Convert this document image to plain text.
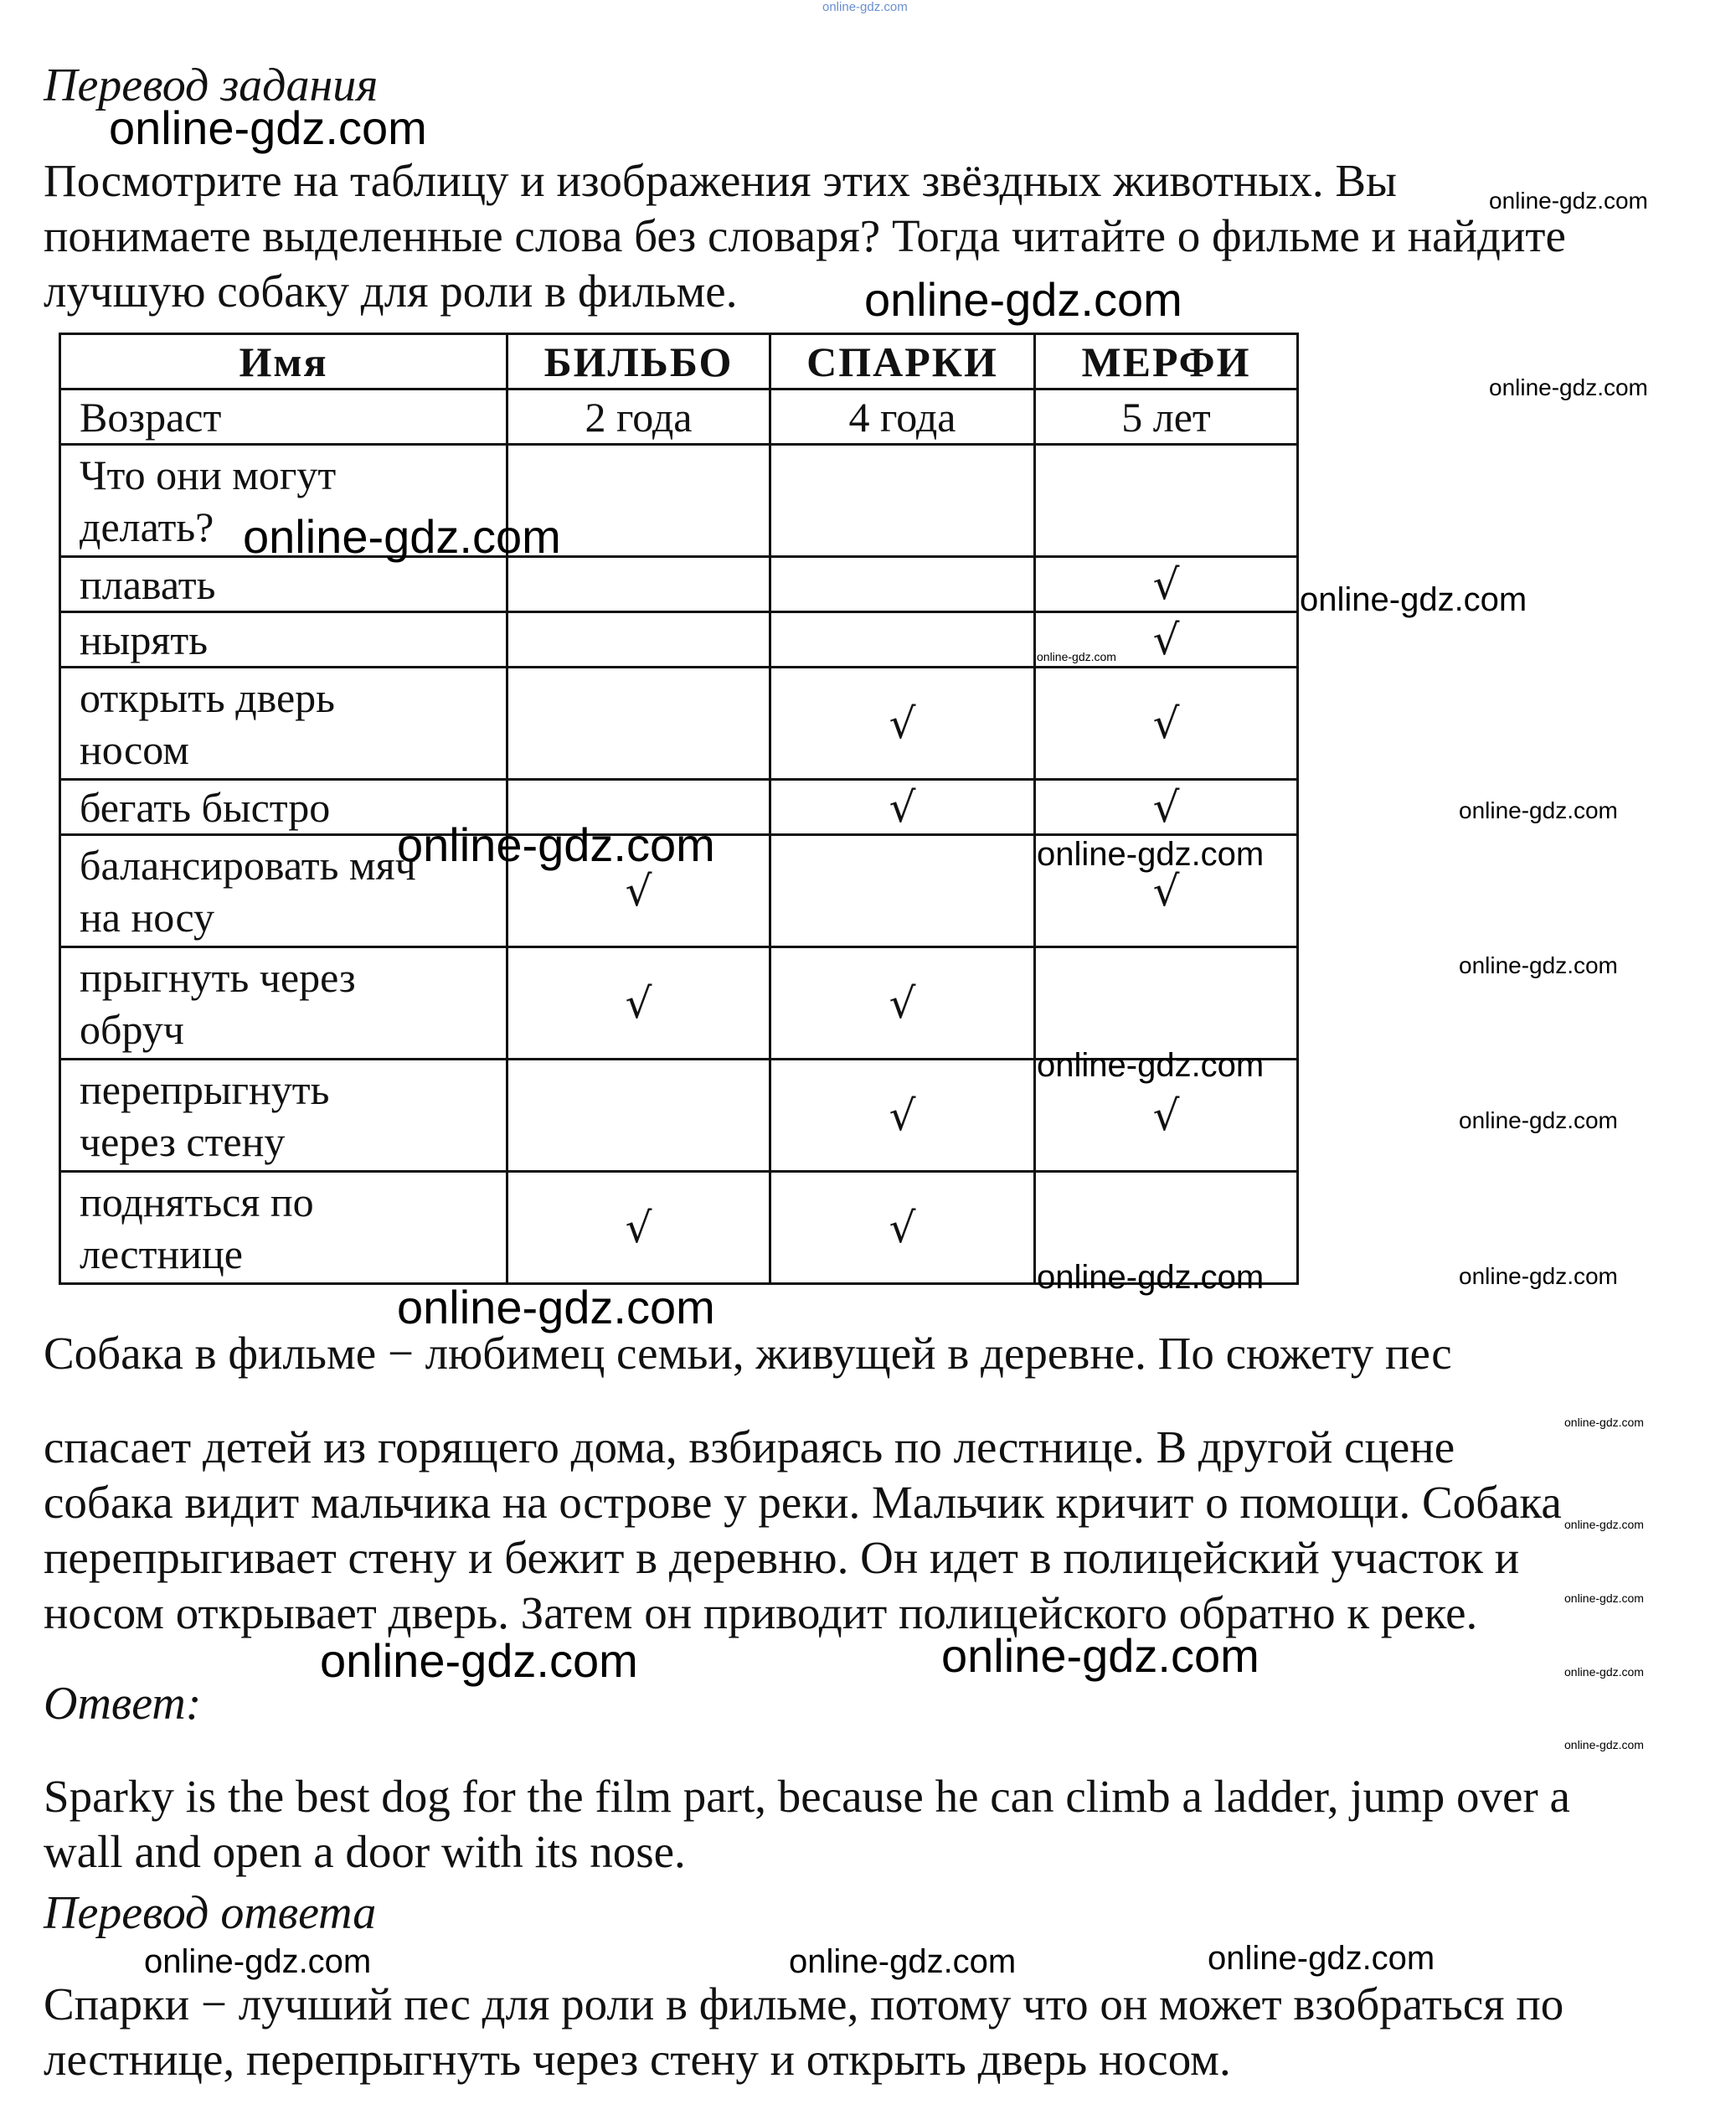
online-gdz.com
Перевод задания

Посмотрите на таблицу и изображения этих звёздных животных. Вы

понимаете выделенные слова без словаря? Тогда читайте о фильме и найдите

лучшую собаку для роли в фильме.

Имя	БИЛЬБО	СПАРКИ	МЕРФИ
Возраст	2 года	4 года	5 лет

Что они могут
делать?			

плавать			√

нырять			√

открыть дверь
носом		√	√

бегать быстро		√	√

балансировать мяч
на носу	√		√

прыгнуть через
обруч	√	√	

перепрыгнуть
через стену		√	√

подняться по
лестнице	√	√	

Собака в фильме − любимец семьи, живущей в деревне. По сюжету пес

спасает детей из горящего дома, взбираясь по лестнице. В другой сцене

собака видит мальчика на острове у реки. Мальчик кричит о помощи. Собака

перепрыгивает стену и бежит в деревню. Он идет в полицейский участок и

носом открывает дверь. Затем он приводит полицейского обратно к реке.

Ответ:

Sparky is the best dog for the film part, because he can climb a ladder, jump over a

wall and open a door with its nose.

Перевод ответа

Спарки − лучший пес для роли в фильме, потому что он может взобраться по

лестнице, перепрыгнуть через стену и открыть дверь носом.

online-gdz.com
online-gdz.com
online-gdz.com
online-gdz.com
online-gdz.com
online-gdz.com
online-gdz.com
online-gdz.com
online-gdz.com	online-gdz.com
online-gdz.com
online-gdz.com
online-gdz.com
online-gdz.com	online-gdz.com
online-gdz.com
online-gdz.com
online-gdz.com
online-gdz.com
online-gdz.com	online-gdz.com	online-gdz.com
online-gdz.com
online-gdz.com	online-gdz.com	online-gdz.com
